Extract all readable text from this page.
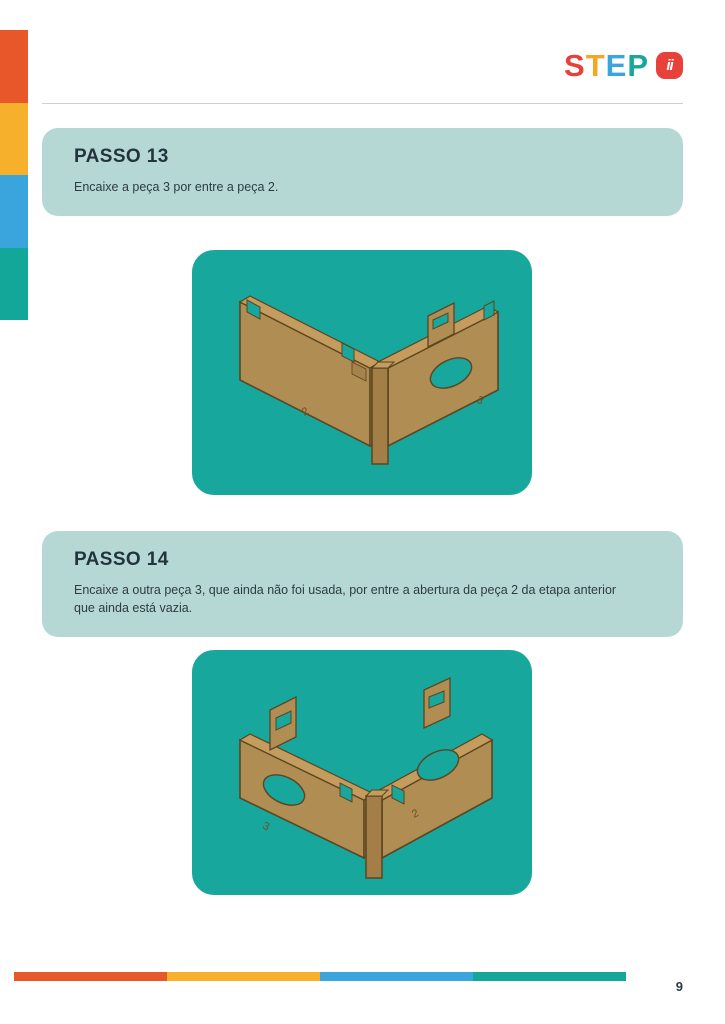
S T E P	ii

PASSO 13

Encaixe a peça 3 por entre a peça 2.

2
3

PASSO 14

Encaixe a outra peça 3, que ainda não foi usada, por entre a abertura da peça 2 da etapa anterior que ainda está vazia.

3
2
9
